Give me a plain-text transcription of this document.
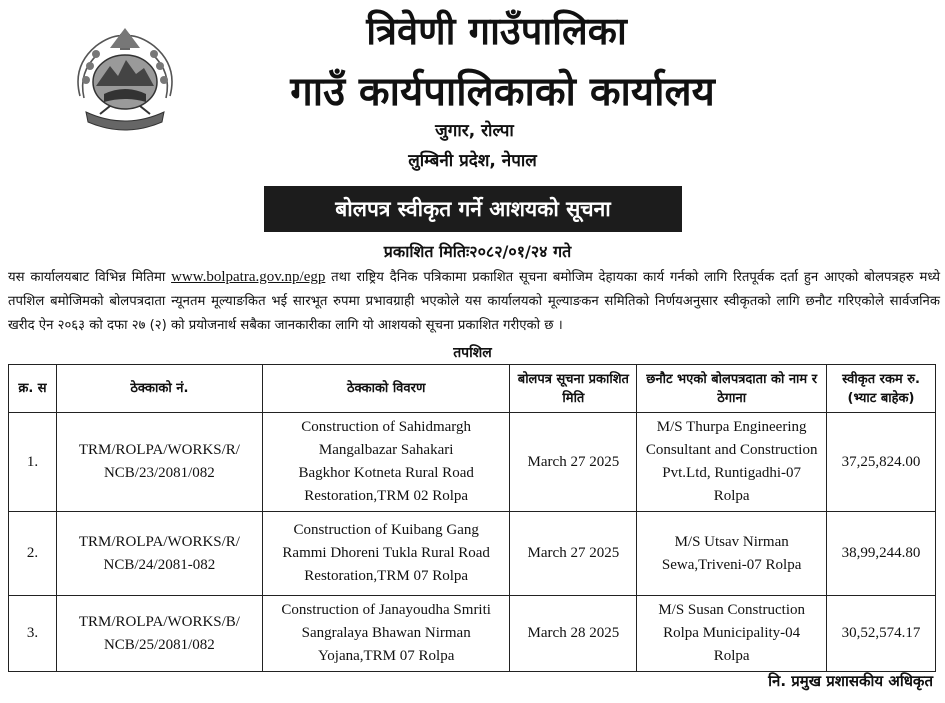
त्रिवेणी गाउँपालिका
गाउँ कार्यपालिकाको कार्यालय
जुगार, रोल्पा
लुम्बिनी प्रदेश, नेपाल
बोलपत्र स्वीकृत गर्ने आशयको सूचना
प्रकाशित मितिः२०८२/०१/२४ गते

यस कार्यालयबाट विभिन्न मितिमा www.bolpatra.gov.np/egp तथा राष्ट्रिय दैनिक पत्रिकामा प्रकाशित सूचना बमोजिम देहायका कार्य गर्नको लागि रितपूर्वक दर्ता हुन आएको बोलपत्रहरु मध्ये तपशिल बमोजिमको बोलपत्रदाता न्यूनतम मूल्याङकित भई सारभूत रुपमा प्रभावग्राही भएकोले यस कार्यालयको मूल्याङकन समितिको निर्णयअनुसार स्वीकृतको लागि छनौट गरिएकोले सार्वजनिक खरीद ऐन २०६३ को दफा २७ (२) को प्रयोजनार्थ सबैका जानकारीका लागि यो आशयको सूचना प्रकाशित गरीएको छ ।

तपशिल
क्र. स	ठेक्काको नं.	ठेक्काको विवरण	बोलपत्र सूचना प्रकाशित मिति	छनौट भएको बोलपत्रदाता को नाम र ठेगाना	स्वीकृत रकम रु. (भ्याट बाहेक)
1.	TRM/ROLPA/WORKS/R/
NCB/23/2081/082	Construction of Sahidmargh
Mangalbazar Sahakari
Bagkhor Kotneta Rural Road
Restoration,TRM 02 Rolpa	March 27 2025	M/S Thurpa Engineering
Consultant and Construction
Pvt.Ltd, Runtigadhi-07
Rolpa	37,25,824.00
2.	TRM/ROLPA/WORKS/R/
NCB/24/2081-082	Construction of Kuibang Gang
Rammi Dhoreni Tukla Rural Road
Restoration,TRM 07 Rolpa	March 27 2025	M/S Utsav Nirman
Sewa,Triveni-07 Rolpa	38,99,244.80
3.	TRM/ROLPA/WORKS/B/
NCB/25/2081/082	Construction of Janayoudha Smriti
Sangralaya Bhawan Nirman
Yojana,TRM 07 Rolpa	March 28 2025	M/S Susan Construction
Rolpa Municipality-04
Rolpa	30,52,574.17
नि. प्रमुख प्रशासकीय अधिकृत
